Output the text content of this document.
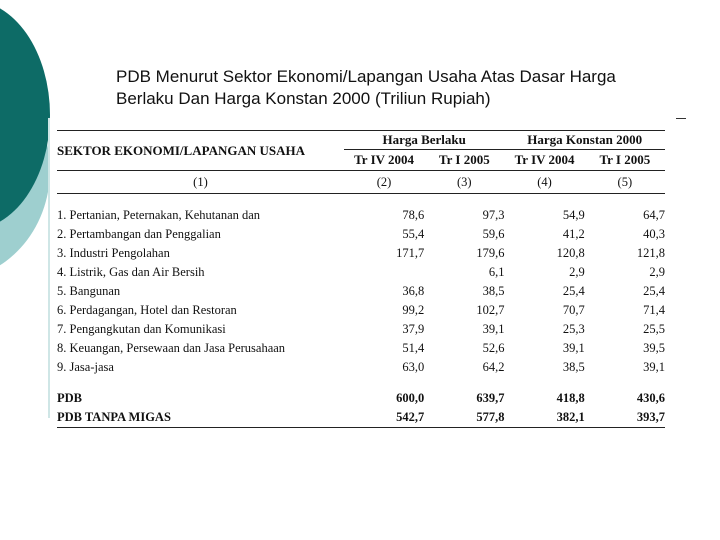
PDB Menurut Sektor Ekonomi/Lapangan Usaha Atas Dasar Harga
Berlaku Dan Harga Konstan 2000 (Triliun Rupiah)
SEKTOR EKONOMI/LAPANGAN USAHA	Harga Berlaku		Harga Konstan 2000	
	Tr IV 2004	Tr I 2005	Tr IV 2004	Tr I 2005
(1)	(2)	(3)	(4)	(5)

1. Pertanian, Peternakan, Kehutanan dan	78,6	97,3	54,9	64,7
2. Pertambangan dan Penggalian	55,4	59,6	41,2	40,3
3. Industri Pengolahan	171,7	179,6	120,8	121,8
4. Listrik, Gas dan Air Bersih		6,1	2,9	2,9
5. Bangunan	36,8	38,5	25,4	25,4
6. Perdagangan, Hotel dan Restoran	99,2	102,7	70,7	71,4
7. Pengangkutan dan Komunikasi	37,9	39,1	25,3	25,5
8. Keuangan, Persewaan dan Jasa Perusahaan	51,4	52,6	39,1	39,5
9. Jasa-jasa	63,0	64,2	38,5	39,1

PDB	600,0	639,7	418,8	430,6
PDB TANPA MIGAS	542,7	577,8	382,1	393,7
